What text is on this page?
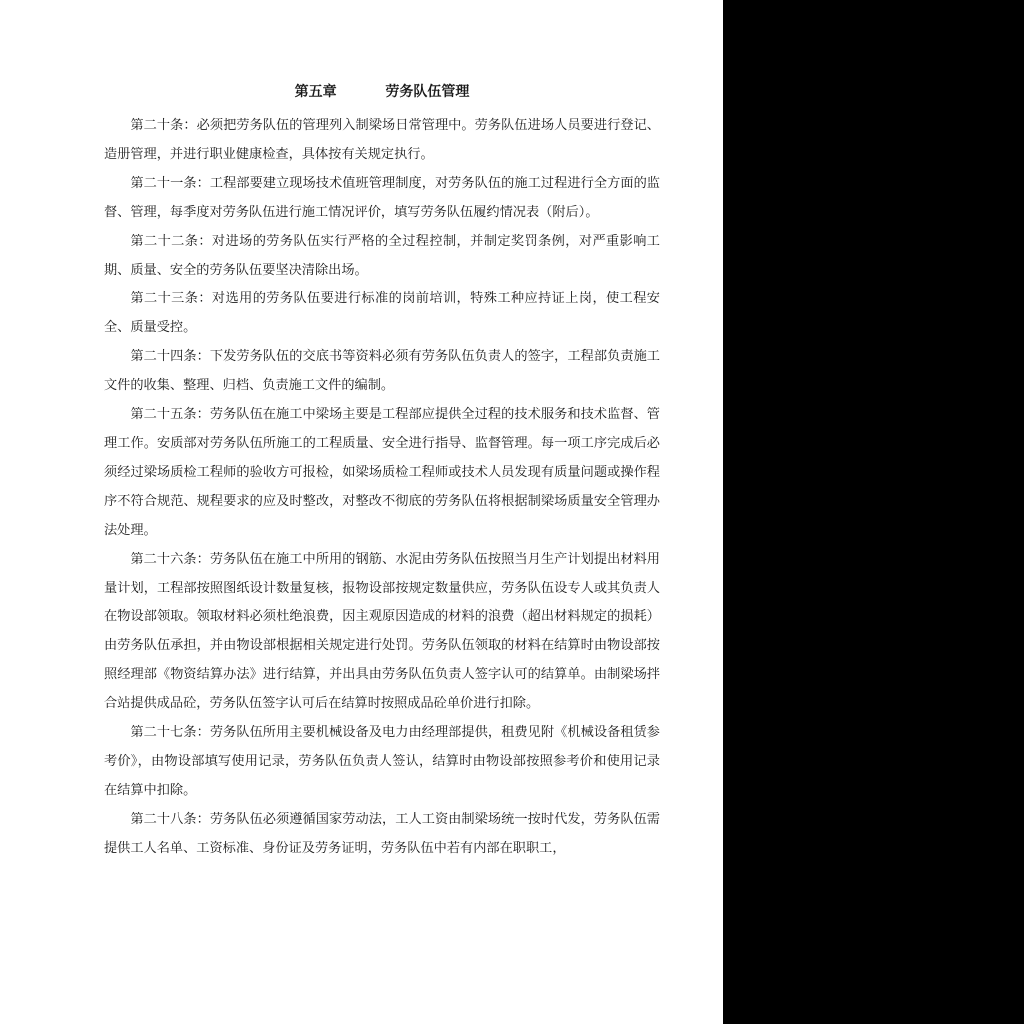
第五章          劳务队伍管理

第二十条：必须把劳务队伍的管理列入制梁场日常管理中。劳务队伍进场人员要进行登记、造册管理，并进行职业健康检查，具体按有关规定执行。

第二十一条：工程部要建立现场技术值班管理制度，对劳务队伍的施工过程进行全方面的监督、管理，每季度对劳务队伍进行施工情况评价，填写劳务队伍履约情况表（附后）。

第二十二条：对进场的劳务队伍实行严格的全过程控制，并制定奖罚条例，对严重影响工期、质量、安全的劳务队伍要坚决清除出场。

第二十三条：对选用的劳务队伍要进行标准的岗前培训，特殊工种应持证上岗，使工程安全、质量受控。

第二十四条：下发劳务队伍的交底书等资料必须有劳务队伍负责人的签字，工程部负责施工文件的收集、整理、归档、负责施工文件的编制。

第二十五条：劳务队伍在施工中梁场主要是工程部应提供全过程的技术服务和技术监督、管理工作。安质部对劳务队伍所施工的工程质量、安全进行指导、监督管理。每一项工序完成后必须经过梁场质检工程师的验收方可报检，如梁场质检工程师或技术人员发现有质量问题或操作程序不符合规范、规程要求的应及时整改，对整改不彻底的劳务队伍将根据制梁场质量安全管理办法处理。

第二十六条：劳务队伍在施工中所用的钢筋、水泥由劳务队伍按照当月生产计划提出材料用量计划，工程部按照图纸设计数量复核，报物设部按规定数量供应，劳务队伍设专人或其负责人在物设部领取。领取材料必须杜绝浪费，因主观原因造成的材料的浪费（超出材料规定的损耗）由劳务队伍承担，并由物设部根据相关规定进行处罚。劳务队伍领取的材料在结算时由物设部按照经理部《物资结算办法》进行结算，并出具由劳务队伍负责人签字认可的结算单。由制梁场拌合站提供成品砼，劳务队伍签字认可后在结算时按照成品砼单价进行扣除。

第二十七条：劳务队伍所用主要机械设备及电力由经理部提供，租费见附《机械设备租赁参考价》，由物设部填写使用记录，劳务队伍负责人签认，结算时由物设部按照参考价和使用记录在结算中扣除。

第二十八条：劳务队伍必须遵循国家劳动法，工人工资由制梁场统一按时代发，劳务队伍需提供工人名单、工资标准、身份证及劳务证明，劳务队伍中若有内部在职职工，
